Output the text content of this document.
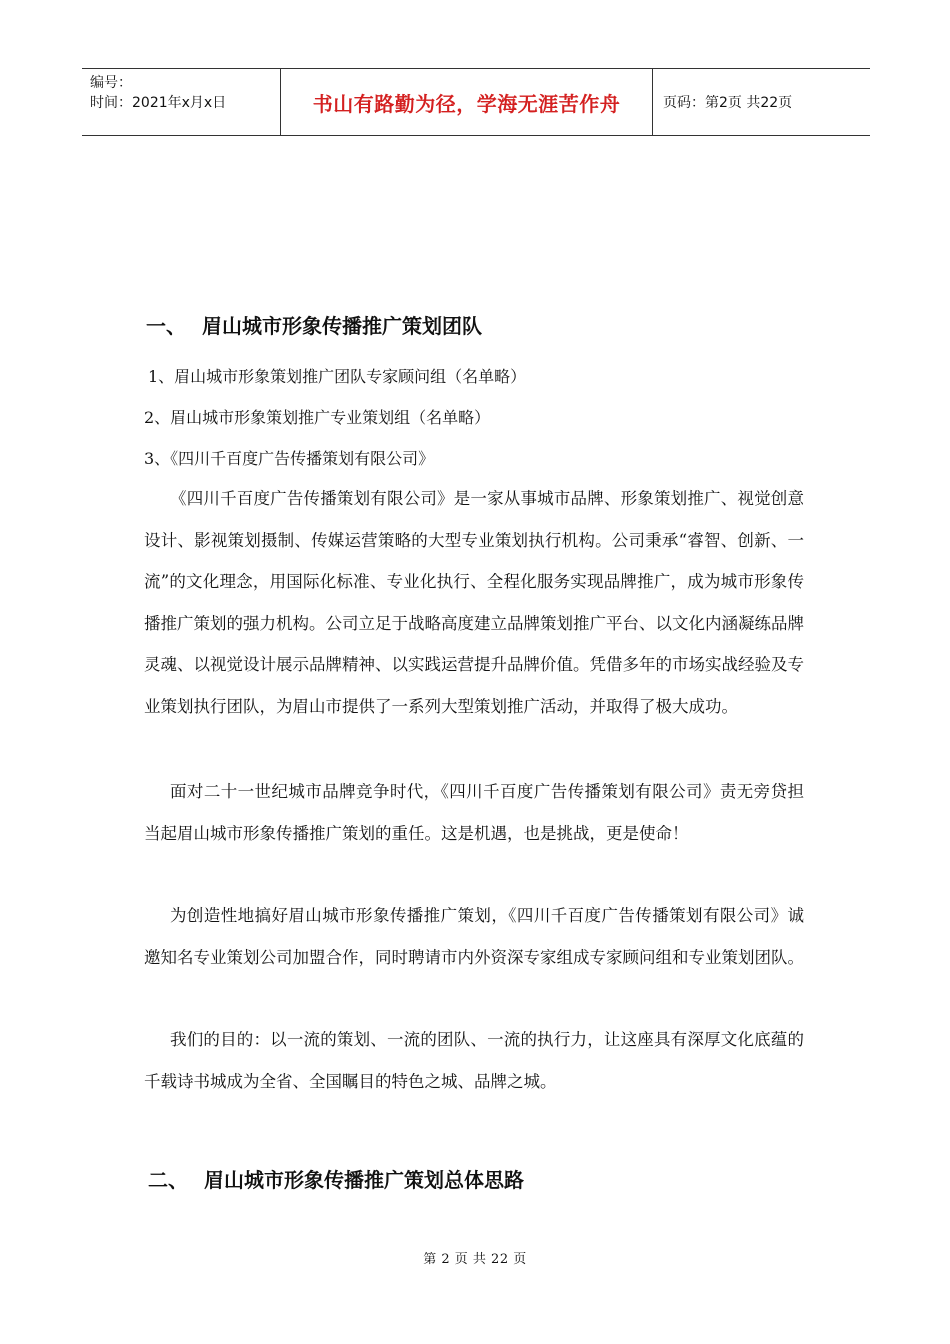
编号：
时间：2021年x月x日	书山有路勤为径，学海无涯苦作舟	页码：第2页 共22页
一、 眉山城市形象传播推广策划团队
1、眉山城市形象策划推广团队专家顾问组（名单略）
2、眉山城市形象策划推广专业策划组（名单略）
3、《四川千百度广告传播策划有限公司》
《四川千百度广告传播策划有限公司》是一家从事城市品牌、形象策划推广、视觉创意设计、影视策划摄制、传媒运营策略的大型专业策划执行机构。公司秉承“睿智、创新、一流”的文化理念，用国际化标准、专业化执行、全程化服务实现品牌推广，成为城市形象传播推广策划的强力机构。公司立足于战略高度建立品牌策划推广平台、以文化内涵凝练品牌灵魂、以视觉设计展示品牌精神、以实践运营提升品牌价值。凭借多年的市场实战经验及专业策划执行团队，为眉山市提供了一系列大型策划推广活动，并取得了极大成功。
面对二十一世纪城市品牌竞争时代，《四川千百度广告传播策划有限公司》责无旁贷担当起眉山城市形象传播推广策划的重任。这是机遇，也是挑战，更是使命！
为创造性地搞好眉山城市形象传播推广策划，《四川千百度广告传播策划有限公司》诚邀知名专业策划公司加盟合作，同时聘请市内外资深专家组成专家顾问组和专业策划团队。
我们的目的：以一流的策划、一流的团队、一流的执行力，让这座具有深厚文化底蕴的千载诗书城成为全省、全国瞩目的特色之城、品牌之城。
二、 眉山城市形象传播推广策划总体思路
第 2 页 共 22 页
